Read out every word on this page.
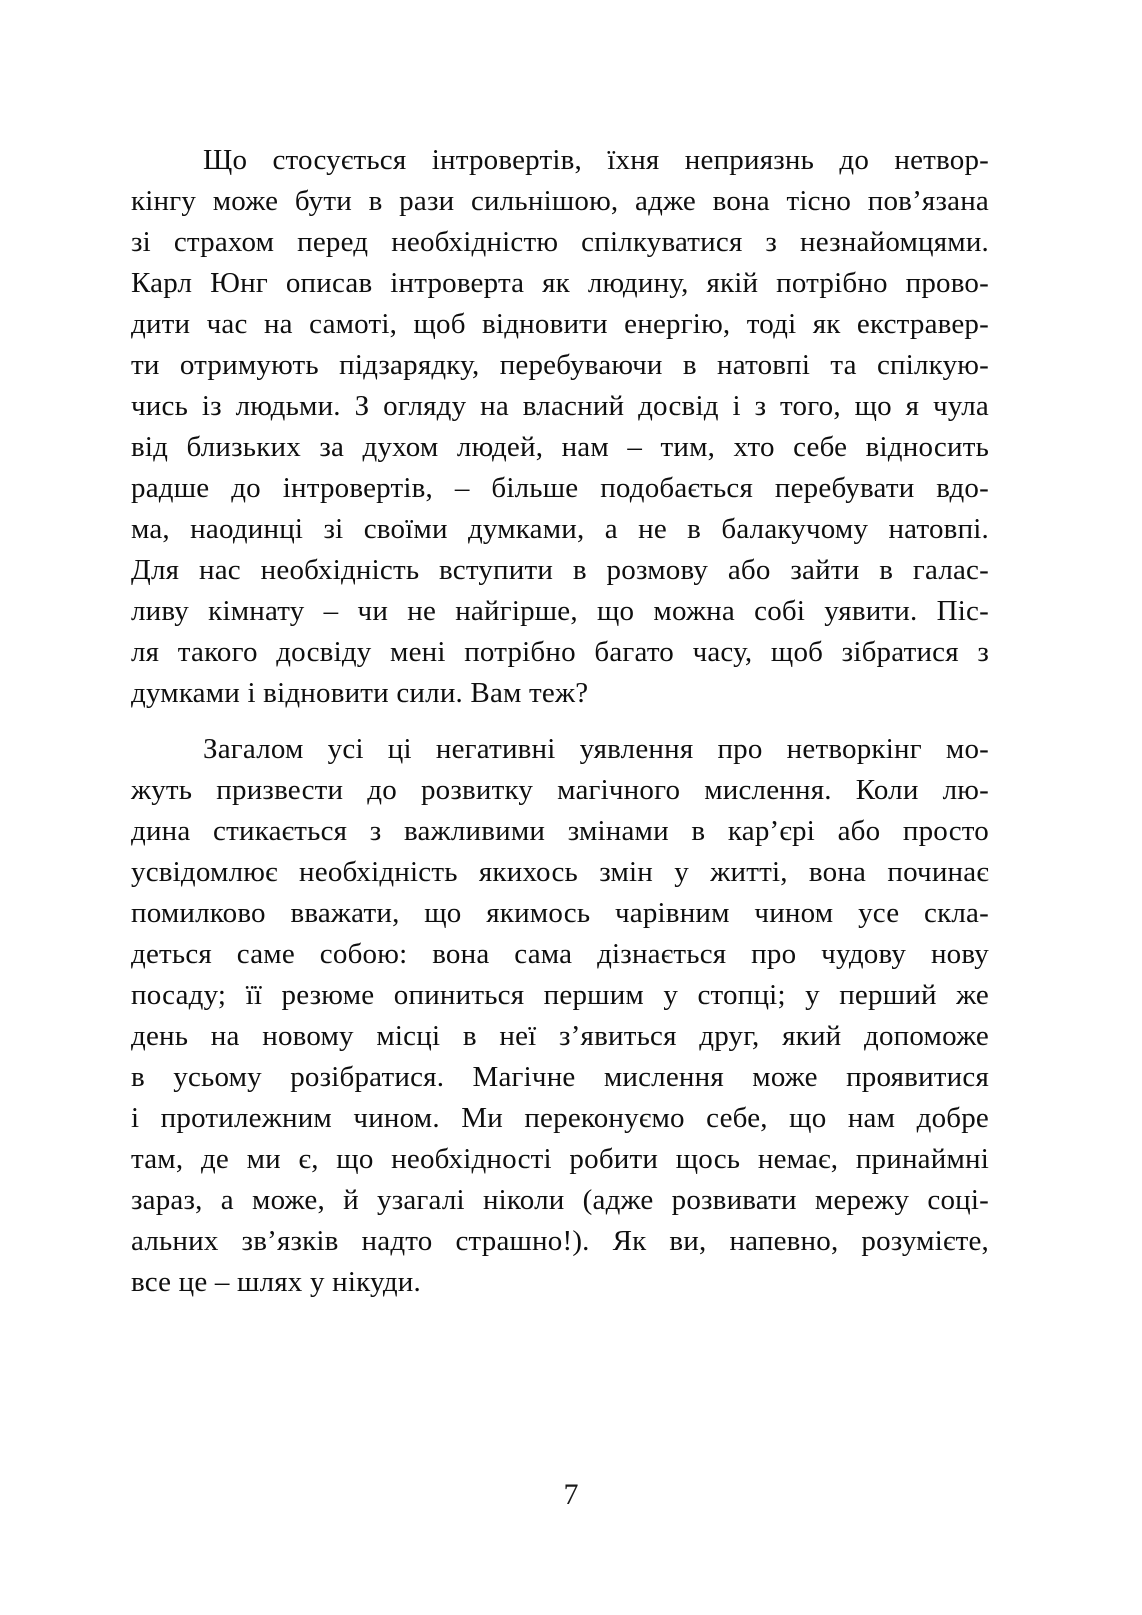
Що стосується інтровертів, їхня неприязнь до нетвор-
кінгу може бути в рази сильнішою, адже вона тісно пов’язана
зі страхом перед необхідністю спілкуватися з незнайомцями.
Карл Юнг описав інтроверта як людину, якій потрібно прово-
дити час на самоті, щоб відновити енергію, тоді як екстравер-
ти отримують підзарядку, перебуваючи в натовпі та спілкую-
чись із людьми. З огляду на власний досвід і з того, що я чула
від близьких за духом людей, нам – тим, хто себе відносить
радше до інтровертів, – більше подобається перебувати вдо-
ма, наодинці зі своїми думками, а не в балакучому натовпі.
Для нас необхідність вступити в розмову або зайти в галас-
ливу кімнату – чи не найгірше, що можна собі уявити. Піс-
ля такого досвіду мені потрібно багато часу, щоб зібратися з
думками і відновити сили. Вам теж?

Загалом усі ці негативні уявлення про нетворкінг мо-
жуть призвести до розвитку магічного мислення. Коли лю-
дина стикається з важливими змінами в кар’єрі або просто
усвідомлює необхідність якихось змін у житті, вона починає
помилково вважати, що якимось чарівним чином усе скла-
деться саме собою: вона сама дізнається про чудову нову
посаду; її резюме опиниться першим у стопці; у перший же
день на новому місці в неї з’явиться друг, який допоможе
в усьому розібратися. Магічне мислення може проявитися
і протилежним чином. Ми переконуємо себе, що нам добре
там, де ми є, що необхідності робити щось немає, принаймні
зараз, а може, й узагалі ніколи (адже розвивати мережу соці-
альних зв’язків надто страшно!). Як ви, напевно, розумієте,
все це – шлях у нікуди.

7
